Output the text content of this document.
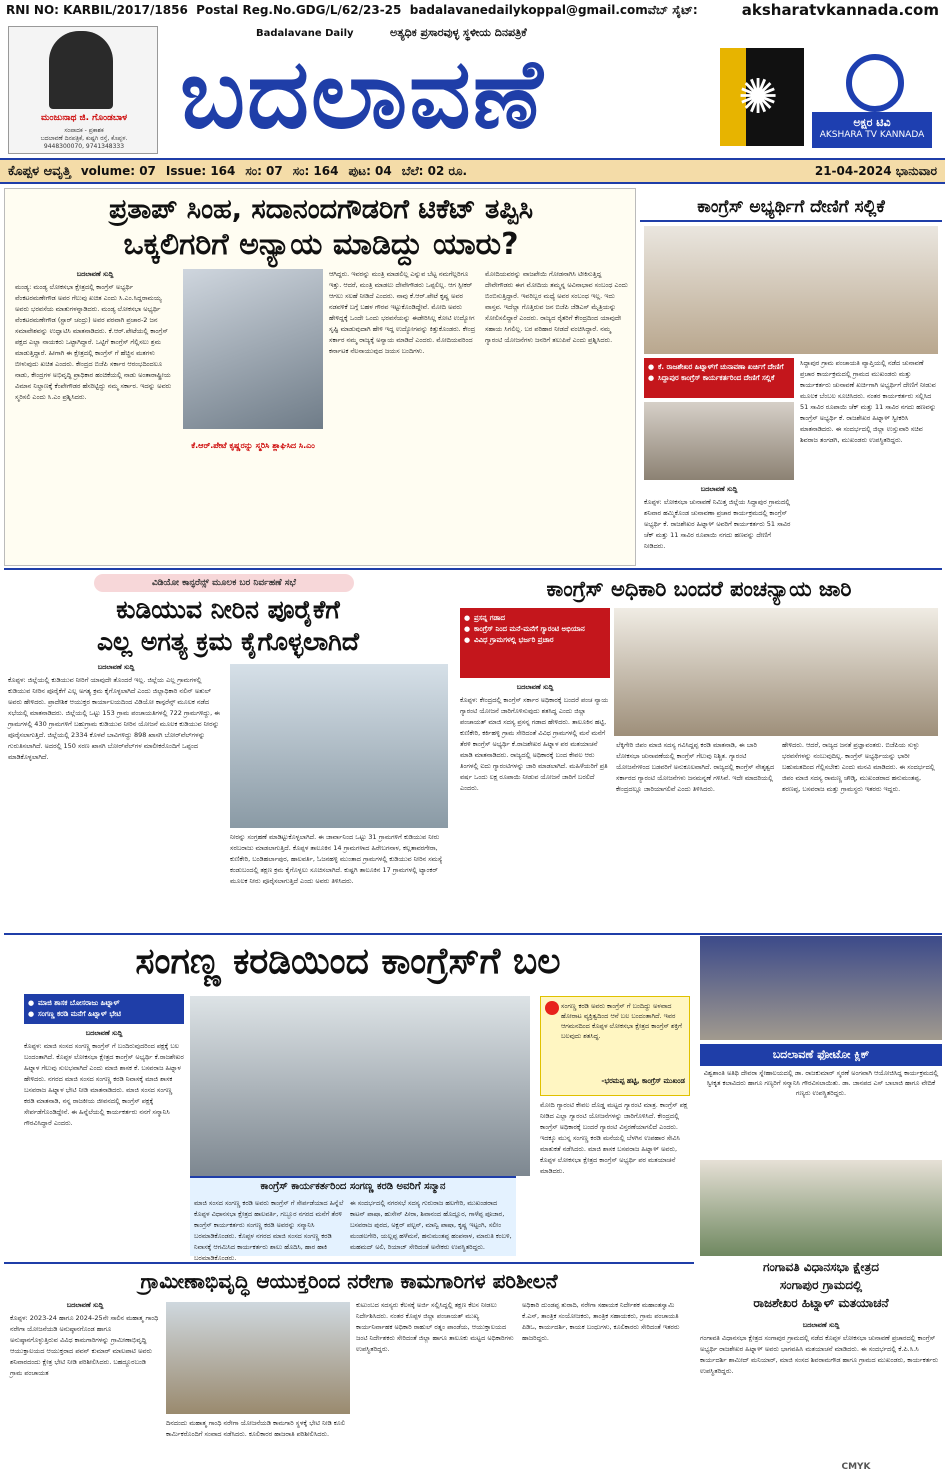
RNI NO: KARBIL/2017/1856
Postal Reg.No.GDG/L/62/23-25
badalavanedailykoppal@gmail.comವೆಬ್ ಸೈಟ್:	aksharatvkannada.com
ಮಂಜುನಾಥ ಜಿ. ಗೊಂಡಬಾಳ
ಸಂಪಾದಕ - ಪ್ರಕಾಶಕ
ಬದಲಾವಣೆ ದಿನಪತ್ರಿಕೆ, ಕುಷ್ಟಗಿ ರಸ್ತೆ, ಕೊಪ್ಪಳ.
9448300070, 9741348333
Badalavane Daily	ಅತ್ಯಧಿಕ ಪ್ರಸಾರವುಳ್ಳ ಸ್ಥಳೀಯ ದಿನಪತ್ರಿಕೆ
ಬದಲಾವಣೆ	✺	ಅಕ್ಷರ ಟಿವಿ
AKSHARA TV KANNADA
ಕೊಪ್ಪಳ ಆವೃತ್ತಿ volume: 07 Issue: 164 ಸಂ: 07 ಸಂ: 164 ಪುಟ: 04 ಬೆಲೆ: 02 ರೂ.	21-04-2024 ಭಾನುವಾರ
ಪ್ರತಾಪ್ ಸಿಂಹ, ಸದಾನಂದಗೌಡರಿಗೆ ಟಿಕೆಟ್ ತಪ್ಪಿಸಿ
ಒಕ್ಕಲಿಗರಿಗೆ ಅನ್ಯಾಯ ಮಾಡಿದ್ದು ಯಾರು?
ಬದಲಾವಣೆ ಸುದ್ದಿ
ಮಂಡ್ಯ: ಮಂಡ್ಯ ಲೋಕಸಭಾ ಕ್ಷೇತ್ರದಲ್ಲಿ ಕಾಂಗ್ರೆಸ್ ಅಭ್ಯರ್ಥಿ ವೆಂಕಟರಮಣೇಗೌಡ ಅವರ ಗೆಲುವು ಖಚಿತ ಎಂದು ಸಿ.ಎಂ.ಸಿದ್ದರಾಮಯ್ಯ ಅವರು ಭರವಸೆಯ ಮಾತುಗಳನ್ನಾಡಿದರು. ಮಂಡ್ಯ ಲೋಕಸಭಾ ಅಭ್ಯರ್ಥಿ ವೆಂಕಟರಮಣೇಗೌಡ (ಸ್ಟಾರ್ ಚಂದ್ರು) ಅವರ ಪರವಾಗಿ ಪ್ರಚಾರ-2 ಜನ ಸಮಾವೇಶವನ್ನು ಉದ್ಘಾಟಿಸಿ ಮಾತನಾಡಿದರು. ಕೆ.ಆರ್.ಪೇಟೆಯಲ್ಲಿ ಕಾಂಗ್ರೆಸ್ ಪಕ್ಷದ ಎಲ್ಲಾ ನಾಯಕರು ಒಟ್ಟಾಗಿದ್ದಾರೆ. ಒಟ್ಟಿಗೆ ಕಾಂಗ್ರೆಸ್ ಗೆಲ್ಲಿಸಲು ಶ್ರಮ ಮಾಡುತ್ತಿದ್ದಾರೆ. ಹೀಗಾಗಿ ಈ ಕ್ಷೇತ್ರದಲ್ಲಿ ಕಾಂಗ್ರೆಸ್ ಗೆ ಹೆಚ್ಚಿನ ಮತಗಳು ಬೀಳುವುದು ಖಚಿತ ಎಂದರು. ಕೇಂದ್ರದ ಬಿಜೆಪಿ ಸರ್ಕಾರ ಆರಂಭದಿಂದಲೂ ನಾಡು, ಕೇಂದ್ರಗಳ ಅಭಿವೃದ್ಧಿ ಪ್ರಾಧಿಕಾರ ಹಂಚಿಕೆಯಲ್ಲಿ ನಾಡು ಅಂತಾರಾಷ್ಟ್ರೀಯ ವಿಮಾನ ನಿಲ್ದಾಣಕ್ಕೆ ಕೆಂಪೇಗೌಡರ ಹೆಸರಿಟ್ಟಿದ್ದು ನಮ್ಮ ಸರ್ಕಾರ. ಇದನ್ನು ಅವರು ಸ್ಮರಿಸಲಿ ಎಂದು ಸಿ.ಎಂ ಪ್ರಶ್ನಿಸಿದರು.
ಕೆ.ಆರ್.ಪೇಟೆ ಕೃಷ್ಣರನ್ನು ಸ್ಮರಿಸಿ ಶ್ಲಾಘಿಸಿದ ಸಿ.ಎಂ
ಆಗಿದ್ದರು. ಇವರನ್ನು ಮಂತ್ರಿ ಮಾಡಲಿಲ್ಲ ಎನ್ನುವ ಬೆಟ್ಟ ನಮಗೆಲ್ಲರಿಗೂ ಇತ್ತು. ಆದರೆ, ಮಂತ್ರಿ ಮಾಡಲು ದೇವೇಗೌಡರು ಒಪ್ಪಲಿಲ್ಲ. ಆಗ ಸ್ಪೀಕರ್ ಆಗಲು ಸಲಹೆ ನೀಡಿದೆ ಎಂದರು. ನಾವು ಕೆ.ಆರ್.ಪೇಟೆ ಕೃಷ್ಣ ಅವರ ನಡವಳಿಕೆ ಬಗ್ಗೆ ಬಹಳ ಗೌರವ ಇಟ್ಟುಕೊಂಡಿದ್ದೇವೆ. ಮೋದಿ ಅವರು ಹೇಳಿದ್ದಕ್ಕೆ ಒಂದೇ ಒಂದು ಭರವಸೆಯನ್ನು ಈಡೇರಿಸಿಲ್ಲ ಕೋಟಿ ಉದ್ಯೋಗ ಸೃಷ್ಟಿ ಮಾಡುವುದಾಗಿ ಹೇಳಿ ಇದ್ದ ಉದ್ಯೋಗವನ್ನು ಕಿತ್ತುಕೊಂಡರು. ಕೇಂದ್ರ ಸರ್ಕಾರ ನಮ್ಮ ರಾಜ್ಯಕ್ಕೆ ಅನ್ಯಾಯ ಮಾಡಿದೆ ಎಂದರು. ಮೋದಿಯವರಿಂದ ಕರ್ನಾಟಕ ನೆಲನಾಯುವುದ ಜಯಸ ಬಂದಿಗಳು.
ಮೋದಿಯವರನ್ನು ವಾಜಪೇಯಿ ಗೋಡನಾಗಿಸಿ ಟೀಕಿಸುತ್ತಿದ್ದ ದೇವೇಗೌಡರು ಈಗ ಮೋದಿಯ ತಮ್ಮನ್ನ ಅವಿನಾಭಾವ ಸಂಬಂಧ ಎಂದು ಬಿಂಬಿಸುತ್ತಿದ್ದಾರೆ. ಇವರಿಬ್ಬರ ಮಧ್ಯೆ ಅವರ ಸಂಬಂಧ ಇಲ್ಲ. ಇದು ವಾಸ್ತವ. ಇದೆಲ್ಲಾ ಗೊತ್ತಿರುವ ಜನ ಬಿಜೆಪಿ ಜೆಡಿಎಸ್ ಮೈತ್ರಿಯನ್ನು ಸೋಲಿಸಲಿದ್ದಾರೆ ಎಂದರು. ರಾಜ್ಯದ ರೈತರಿಗೆ ಕೇಂದ್ರದಿಂದ ಯಾವುದೇ ಸಹಾಯ ಸಿಗಲಿಲ್ಲ. ಬರ ಪರಿಹಾರ ನೀಡದೆ ವಂಚಿಸಿದ್ದಾರೆ. ನಮ್ಮ ಗ್ಯಾರಂಟಿ ಯೋಜನೆಗಳು ಜನರಿಗೆ ತಲುಪಿವೆ ಎಂದು ಪ್ರಶ್ನಿಸಿದರು.
ಕಾಂಗ್ರೆಸ್ ಅಭ್ಯರ್ಥಿಗೆ ದೇಣಿಗೆ ಸಲ್ಲಿಕೆ
● ಕೆ. ರಾಜಶೇಖರ ಹಿಟ್ನಾಳ್‌ಗೆ ಚುನಾವಣಾ ಖರ್ಚಿಗೆ ದೇಣಿಗೆ
● ಸಿದ್ದಾಪುರ ಕಾಂಗ್ರೆಸ್ ಕಾರ್ಯಕರ್ತರಿಂದ ದೇಣಿಗೆ ಸಲ್ಲಿಕೆ
ಬದಲಾವಣೆ ಸುದ್ದಿ
ಕೊಪ್ಪಳ: ಲೋಕಸಭಾ ಚುನಾವಣೆ ನಿಮಿತ್ತ ಜಿಲ್ಲೆಯ ಸಿದ್ದಾಪುರ ಗ್ರಾಮದಲ್ಲಿ ಶನಿವಾರ ಹಮ್ಮಿಕೊಂಡ ಚುನಾವಣಾ ಪ್ರಚಾರ ಕಾರ್ಯಕ್ರಮದಲ್ಲಿ ಕಾಂಗ್ರೆಸ್ ಅಭ್ಯರ್ಥಿ ಕೆ. ರಾಜಶೇಖರ ಹಿಟ್ನಾಳ್ ಅವರಿಗೆ ಕಾರ್ಯಕರ್ತರು 51 ಸಾವಿರ ಚೆಕ್ ಮತ್ತು 11 ಸಾವಿರ ರೂಪಾಯಿ ನಗದು ಹಣವನ್ನು ದೇಣಿಗೆ ನೀಡಿದರು.
ಸಿದ್ದಾಪುರ ಗ್ರಾಮ ಪಂಚಾಯತಿ ವ್ಯಾಪ್ತಿಯಲ್ಲಿ ನಡೆದ ಚುನಾವಣೆ ಪ್ರಚಾರ ಕಾರ್ಯಕ್ರಮದಲ್ಲಿ ಗ್ರಾಮದ ಮುಖಂಡರು ಮತ್ತು ಕಾರ್ಯಕರ್ತರು ಚುನಾವಣೆ ಖರ್ಚಿಗಾಗಿ ಅಭ್ಯರ್ಥಿಗೆ ದೇಣಿಗೆ ನೀಡುವ ಮೂಲಕ ಬೆಂಬಲ ಸೂಚಿಸಿದರು. ನಂತರ ಕಾರ್ಯಕರ್ತರು ಸಲ್ಲಿಸಿದ 51 ಸಾವಿರ ರೂಪಾಯಿ ಚೆಕ್ ಮತ್ತು 11 ಸಾವಿರ ನಗದು ಹಣವನ್ನು ಕಾಂಗ್ರೆಸ್ ಅಭ್ಯರ್ಥಿ ಕೆ. ರಾಜಶೇಖರ ಹಿಟ್ನಾಳ್ ಸ್ವೀಕರಿಸಿ ಮಾತನಾಡಿದರು. ಈ ಸಂದರ್ಭದಲ್ಲಿ ಜಿಲ್ಲಾ ಉಸ್ತುವಾರಿ ಸಚಿವ ಶಿವರಾಜ ತಂಗಡಗಿ, ಮುಖಂಡರು ಉಪಸ್ಥಿತರಿದ್ದರು.
ವಿಡಿಯೋ ಕಾನ್ಫರೆನ್ಸ್ ಮೂಲಕ ಬರ ನಿರ್ವಹಣೆ ಸಭೆ
ಕುಡಿಯುವ ನೀರಿನ ಪೂರೈಕೆಗೆ
ಎಲ್ಲ ಅಗತ್ಯ ಕ್ರಮ ಕೈಗೊಳ್ಳಲಾಗಿದೆ
ಬದಲಾವಣೆ ಸುದ್ದಿ
ಕೊಪ್ಪಳ: ಜಿಲ್ಲೆಯಲ್ಲಿ ಕುಡಿಯುವ ನೀರಿಗೆ ಯಾವುದೇ ತೊಂದರೆ ಇಲ್ಲ. ಜಿಲ್ಲೆಯ ಎಲ್ಲ ಗ್ರಾಮಗಳಲ್ಲಿ ಕುಡಿಯುವ ನೀರಿನ ಪೂರೈಕೆಗೆ ಎಲ್ಲ ಅಗತ್ಯ ಕ್ರಮ ಕೈಗೊಳ್ಳಲಾಗಿದೆ ಎಂದು ಜಿಲ್ಲಾಧಿಕಾರಿ ನಲಿನ್ ಅತುಲ್ ಅವರು ಹೇಳಿದರು. ಪ್ರಾದೇಶಿಕ ಆಯುಕ್ತರ ಕಾರ್ಯಾಲಯದಿಂದ ವಿಡಿಯೋ ಕಾನ್ಫರೆನ್ಸ್ ಮೂಲಕ ನಡೆದ ಸಭೆಯಲ್ಲಿ ಮಾತನಾಡಿದರು. ಜಿಲ್ಲೆಯಲ್ಲಿ ಒಟ್ಟು 153 ಗ್ರಾಮ ಪಂಚಾಯತಿಗಳಲ್ಲಿ 722 ಗ್ರಾಮಗಳಿದ್ದು, ಈ ಗ್ರಾಮಗಳಲ್ಲಿ 430 ಗ್ರಾಮಗಳಿಗೆ ಬಹುಗ್ರಾಮ ಕುಡಿಯುವ ನೀರಿನ ಯೋಜನೆ ಮೂಲಕ ಕುಡಿಯುವ ನೀರನ್ನು ಪೂರೈಸಲಾಗುತ್ತಿದೆ. ಜಿಲ್ಲೆಯಲ್ಲಿ 2334 ಕೊಳವೆ ಬಾವಿಗಳಿದ್ದು 898 ಖಾಸಗಿ ಬೋರ್‌ವೆಲ್‌ಗಳನ್ನು ಗುರುತಿಸಲಾಗಿದೆ. ಅದರಲ್ಲಿ 150 ಸರಣ ಖಾಸಗಿ ಬೋರ್‌ವೆಲ್‌ಗಳ ಮಾಲೀಕರೊಂದಿಗೆ ಒಪ್ಪಂದ ಮಾಡಿಕೊಳ್ಳಲಾಗಿದೆ.
ನೀರನ್ನು ಸಂಗ್ರಹಣೆ ಮಾಡಿಟ್ಟುಕೊಳ್ಳಲಾಗಿದೆ. ಈ ಜಾರ್ವಾನಿಂದ ಒಟ್ಟು 31 ಗ್ರಾಮಗಳಿಗೆ ಕುಡಿಯುವ ನೀರು ಸರಬರಾಜು ಮಾಡಲಾಗುತ್ತಿದೆ. ಕೊಪ್ಪಳ ತಾಲೂಕಿನ 14 ಗ್ರಾಮಗಳಾದ ಹಿರೇಬಗನಾಳ, ಕಲ್ಲತಾವರಗೇರಾ, ಕುಣಿಕೇರಿ, ಬಂಡಿಹರ್ಲಾಪುರ, ಹಾಲವರ್ತಿ, ಓಜನಹಳ್ಳಿ ಮುಂತಾದ ಗ್ರಾಮಗಳಲ್ಲಿ ಕುಡಿಯುವ ನೀರಿನ ಸಮಸ್ಯೆ ಕಂಡುಬಂದಲ್ಲಿ ತಕ್ಷಣ ಕ್ರಮ ಕೈಗೊಳ್ಳಲು ಸೂಚಿಸಲಾಗಿದೆ. ಕುಷ್ಟಗಿ ತಾಲೂಕಿನ 17 ಗ್ರಾಮಗಳಲ್ಲಿ ಟ್ಯಾಂಕರ್ ಮೂಲಕ ನೀರು ಪೂರೈಸಲಾಗುತ್ತಿದೆ ಎಂದು ಅವರು ತಿಳಿಸಿದರು.
ಕಾಂಗ್ರೆಸ್ ಅಧಿಕಾರಿ ಬಂದರೆ ಪಂಚನ್ಯಾಯ ಜಾರಿ
● ಪ್ರಸನ್ನ ಗಡಾದ
● ಕಾಂಗ್ರೆಸ್ ನಿಂದ ಮನೆ-ಮನೆಗೆ ಗ್ಯಾರಂಟಿ ಅಭಿಯಾನ
● ವಿವಿಧ ಗ್ರಾಮಗಳಲ್ಲಿ ಭರ್ಜರಿ ಪ್ರಚಾರ
ಬದಲಾವಣೆ ಸುದ್ದಿ
ಕೊಪ್ಪಳ: ಕೇಂದ್ರದಲ್ಲಿ ಕಾಂಗ್ರೆಸ್ ಸರ್ಕಾರ ಅಧಿಕಾರಕ್ಕೆ ಬಂದರೆ ಪಂಚ ನ್ಯಾಯ ಗ್ಯಾರಂಟಿ ಯೋಜನೆ ಜಾರಿಗೊಳಿಸುವುದು ಶತಸಿದ್ಧ ಎಂದು ಜಿಲ್ಲಾ ಪಂಚಾಯತ್ ಮಾಜಿ ಸದಸ್ಯ ಪ್ರಸನ್ನ ಗಡಾದ ಹೇಳಿದರು. ತಾಲೂಕಿನ ಹಟ್ಟಿ, ಕುಣಿಕೇರಿ, ಕರ್ಕಿಹಳ್ಳಿ ಗ್ರಾಮ ಸೇರಿದಂತೆ ವಿವಿಧ ಗ್ರಾಮಗಳಲ್ಲಿ ಮನೆ ಮನೆಗೆ ತೆರಳಿ ಕಾಂಗ್ರೆಸ್ ಅಭ್ಯರ್ಥಿ ಕೆ.ರಾಜಶೇಖರ ಹಿಟ್ನಾಳ ಪರ ಮತಯಾಚನೆ ಮಾಡಿ ಮಾತನಾಡಿದರು. ರಾಜ್ಯದಲ್ಲಿ ಅಧಿಕಾರಕ್ಕೆ ಬಂದ ಕೇವಲ ಆರು ತಿಂಗಳಲ್ಲಿ ಐದು ಗ್ಯಾರಂಟಿಗಳನ್ನು ಜಾರಿ ಮಾಡಲಾಗಿದೆ. ಮಹಿಳೆಯರಿಗೆ ಪ್ರತಿ ವರ್ಷ ಒಂದು ಲಕ್ಷ ರೂಪಾಯಿ ನೀಡುವ ಯೋಜನೆ ಜಾರಿಗೆ ಬರಲಿದೆ ಎಂದರು.
ಲೆಕ್ಕಿಗೇರಿ ಜಿಪಂ ಮಾಜಿ ಸದಸ್ಯ ಗವಿಸಿದ್ದಪ್ಪ ಕರಡಿ ಮಾತನಾಡಿ, ಈ ಬಾರಿ ಲೋಕಸಭಾ ಚುನಾವಣೆಯಲ್ಲಿ ಕಾಂಗ್ರೆಸ್ ಗೆಲುವು ನಿಶ್ಚಿತ. ಗ್ಯಾರಂಟಿ ಯೋಜನೆಗಳಿಂದ ಬಡವರಿಗೆ ಅನುಕೂಲವಾಗಿದೆ. ರಾಜ್ಯದಲ್ಲಿ ಕಾಂಗ್ರೆಸ್ ನೇತೃತ್ವದ ಸರ್ಕಾರದ ಗ್ಯಾರಂಟಿ ಯೋಜನೆಗಳು ಜನಮನ್ನಣೆ ಗಳಿಸಿವೆ. ಇದೇ ಮಾದರಿಯಲ್ಲಿ ಕೇಂದ್ರದಲ್ಲೂ ಜಾರಿಯಾಗಲಿವೆ ಎಂದು ತಿಳಿಸಿದರು.
ಹೇಳಿದರು. ಆದರೆ, ರಾಜ್ಯದ ಜನತೆ ಪ್ರಜ್ಞಾವಂತರು. ಬಿಜೆಪಿಯ ಸುಳ್ಳು ಭರವಸೆಗಳನ್ನು ನಂಬುವುದಿಲ್ಲ. ಕಾಂಗ್ರೆಸ್ ಅಭ್ಯರ್ಥಿಯನ್ನು ಭಾರೀ ಬಹುಮತದಿಂದ ಗೆಲ್ಲಿಸಬೇಕು ಎಂದು ಮನವಿ ಮಾಡಿದರು. ಈ ಸಂದರ್ಭದಲ್ಲಿ ಜಿಪಂ ಮಾಜಿ ಸದಸ್ಯ ರಾಮಣ್ಣ ಚೌಡ್ಕಿ, ಮುಖಂಡರಾದ ಹನುಮಂತಪ್ಪ, ಶರಣಪ್ಪ, ಬಸವರಾಜ ಮತ್ತು ಗ್ರಾಮಸ್ಥರು ಇತರರು ಇದ್ದರು.
ಸಂಗಣ್ಣ ಕರಡಿಯಿಂದ ಕಾಂಗ್ರೆಸ್‌ಗೆ ಬಲ
● ಮಾಜಿ ಶಾಸಕ ಬೋಸರಾಜು ಹಿಟ್ನಾಳ್
● ಸಂಗಣ್ಣ ಕರಡಿ ಮನೆಗೆ ಹಿಟ್ನಾಳ್ ಭೇಟಿ
ಬದಲಾವಣೆ ಸುದ್ದಿ
ಕೊಪ್ಪಳ: ಮಾಜಿ ಸಂಸದ ಸಂಗಣ್ಣ ಕಾಂಗ್ರೆಸ್ ಗೆ ಬಂದಿರುವುದರಿಂದ ಪಕ್ಷಕ್ಕೆ ಬಲ ಬಂದಂತಾಗಿದೆ. ಕೊಪ್ಪಳ ಲೋಕಸಭಾ ಕ್ಷೇತ್ರದ ಕಾಂಗ್ರೆಸ್ ಅಭ್ಯರ್ಥಿ ಕೆ.ರಾಜಶೇಖರ ಹಿಟ್ನಾಳ ಗೆಲುವು ಸುಲಭವಾಗಿದೆ ಎಂದು ಮಾಜಿ ಶಾಸಕ ಕೆ. ಬಸವರಾಜ ಹಿಟ್ನಾಳ ಹೇಳಿದರು. ನಗರದ ಮಾಜಿ ಸಂಸದ ಸಂಗಣ್ಣ ಕರಡಿ ನಿವಾಸಕ್ಕೆ ಮಾಜಿ ಶಾಸಕ ಬಸವರಾಜ ಹಿಟ್ನಾಳ ಭೇಟಿ ನೀಡಿ ಮಾತನಾಡಿದರು. ಮಾಜಿ ಸಂಸದ ಸಂಗಣ್ಣ ಕರಡಿ ಮಾತನಾಡಿ, ನನ್ನ ರಾಜಕೀಯ ಜೀವನದಲ್ಲಿ ಕಾಂಗ್ರೆಸ್ ಪಕ್ಷಕ್ಕೆ ಸೇರ್ಪಡೆಗೊಂಡಿದ್ದೇನೆ. ಈ ಹಿನ್ನೆಲೆಯಲ್ಲಿ ಕಾರ್ಯಕರ್ತರು ನನಗೆ ಸನ್ಮಾನಿಸಿ ಗೌರವಿಸಿದ್ದಾರೆ ಎಂದರು.
ಕಾಂಗ್ರೆಸ್ ಕಾರ್ಯಕರ್ತರಿಂದ ಸಂಗಣ್ಣ ಕರಡಿ ಅವರಿಗೆ ಸನ್ಮಾನ
ಮಾಜಿ ಸಂಸದ ಸಂಗಣ್ಣ ಕರಡಿ ಅವರು ಕಾಂಗ್ರೆಸ್ ಗೆ ಸೇರ್ಪಡೆಯಾದ ಹಿನ್ನೆಲೆ ಕೊಪ್ಪಳ ವಿಧಾನಸಭಾ ಕ್ಷೇತ್ರದ ಹಾಲವರ್ತಿ, ಗಬ್ಬೂರ ನಗರದ ಮನೆಗೆ ತೆರಳಿ ಕಾಂಗ್ರೆಸ್ ಕಾರ್ಯಕರ್ತರು ಸಂಗಣ್ಣ ಕರಡಿ ಅವರನ್ನು ಸನ್ಮಾನಿಸಿ ಬರಮಾಡಿಕೊಂಡರು. ಕೊಪ್ಪಳ ನಗರದ ಮಾಜಿ ಸಂಸದ ಸಂಗಣ್ಣ ಕರಡಿ ನಿವಾಸಕ್ಕೆ ಆಗಮಿಸಿದ ಕಾರ್ಯಕರ್ತರು ಶಾಲು ಹೊದಿಸಿ, ಹಾರ ಹಾಕಿ ಬರಮಾಡಿಕೊಂಡರು.
ಈ ಸಂದರ್ಭದಲ್ಲಿ ನಗರಸಭೆ ಸದಸ್ಯ ಗುರುರಾಜ ಹಲಗೇರಿ, ಮುಖಂಡರಾದ ಕಾಟನ್ ಪಾಷಾ, ಹುಸೇನ್ ಪೀರಾ, ಶಿವಾನಂದ ಹೊದ್ಲೂರ, ಗಾಳೆಪ್ಪ ಪೂಜಾರ, ಬಸವರಾಜ ಪುರದ, ಅಕ್ಬರ್ ಪಲ್ಟನ್, ಮಾನ್ವಿ ಪಾಷಾ, ಕೃಷ್ಣ ಇಟ್ಟಂಗಿ, ಸಲೀಂ ಮಂಡಲಗೇರಿ, ಯಲ್ಲಪ್ಪ ಹಳೆಮನೆ, ಹನುಮಂತಪ್ಪ ಹಂಪನಾಳ, ಮಾರುತಿ ಕಂಬಳಿ, ಮಹಮದ್ ಅಲಿ, ರಿಯಾಜ್ ಸೇರಿದಂತೆ ಅನೇಕರು ಉಪಸ್ಥಿತರಿದ್ದರು.
ಸಂಗಣ್ಣ ಕರಡಿ ಅವರು ಕಾಂಗ್ರೆಸ್ ಗೆ ಬಂದಿದ್ದು ಅಳವಾದ ಹೋರಾಟ ವ್ಯಕ್ತಿತ್ವದಿಂದ ಆನೆ ಬಲ ಬಂದಂತಾಗಿದೆ. ಇವರ ಆಗಮನದಿಂದ ಕೊಪ್ಪಳ ಲೋಕಸಭಾ ಕ್ಷೇತ್ರದ ಕಾಂಗ್ರೆಸ್ ಶಕ್ತಿಗೆ ಬಲವುದು ಶತಸಿದ್ಧ.
-ಭರಮಪ್ಪ ಹಟ್ಟಿ, ಕಾಂಗ್ರೆಸ್ ಮುಖಂಡ
ಮೋದಿ ಗ್ಯಾರಂಟಿ ಕೇವಲ ದೊಡ್ಡ ಮಟ್ಟದ ಗ್ಯಾರಂಟಿ ಮಾತ್ರ. ಕಾಂಗ್ರೆಸ್ ಪಕ್ಷ ನೀಡಿದ ಎಲ್ಲಾ ಗ್ಯಾರಂಟಿ ಯೋಜನೆಗಳನ್ನು ಜಾರಿಗೊಳಿಸಿದೆ. ಕೇಂದ್ರದಲ್ಲಿ ಕಾಂಗ್ರೆಸ್ ಅಧಿಕಾರಕ್ಕೆ ಬಂದರೆ ಗ್ಯಾರಂಟಿ ವಿಸ್ತರಣೆಯಾಗಲಿದೆ ಎಂದರು. ಇದಕ್ಕೂ ಮುನ್ನ ಸಂಗಣ್ಣ ಕರಡಿ ಮನೆಯಲ್ಲಿ ಬೆಳಗಿನ ಉಪಹಾರ ಸೇವಿಸಿ ಮಾತುಕತೆ ನಡೆಸಿದರು. ಮಾಜಿ ಶಾಸಕ ಬಸವರಾಜ ಹಿಟ್ನಾಳ್ ಅವರು, ಕೊಪ್ಪಳ ಲೋಕಸಭಾ ಕ್ಷೇತ್ರದ ಕಾಂಗ್ರೆಸ್ ಅಭ್ಯರ್ಥಿ ಪರ ಮತಯಾಚನೆ ಮಾಡಿದರು.
ಬದಲಾವಣೆ ಫೋಟೋ ಕ್ಲಿಕ್
ವಿಶ್ವಶಾಂತಿ ಅತಿಥಿ ದೇವರಾ ಸ್ನೇಹಾಲಯದಲ್ಲಿ ಡಾ. ರಾಜಕುಮಾರ್ ಸ್ಮರಣೆ ಅಂಗವಾಗಿ ಆಯೋಜಿಸಿದ್ದ ಕಾರ್ಯಕ್ರಮದಲ್ಲಿ ಸ್ವೀಕೃತ ಕಲಾವಿದರು ಹಾಗೂ ಗಣ್ಯರಿಗೆ ಸನ್ಮಾನಿಸಿ ಗೌರವಿಸಲಾಯಿತು. ಡಾ. ಜಾನಪದ ಎಸ್ ಬಾಲಾಜಿ ಹಾಗೂ ವೇದಿಕೆ ಗಣ್ಯರು ಉಪಸ್ಥಿತರಿದ್ದರು.
ಗಂಗಾವತಿ ವಿಧಾನಸಭಾ ಕ್ಷೇತ್ರದ
ಸಂಗಾಪುರ ಗ್ರಾಮದಲ್ಲಿ
ರಾಜಶೇಖರ ಹಿಟ್ನಾಳ್ ಮತಯಾಚನೆ
ಬದಲಾವಣೆ ಸುದ್ದಿ
ಗಂಗಾವತಿ ವಿಧಾನಸಭಾ ಕ್ಷೇತ್ರದ ಸಂಗಾಪುರ ಗ್ರಾಮದಲ್ಲಿ ನಡೆದ ಕೊಪ್ಪಳ ಲೋಕಸಭಾ ಚುನಾವಣೆ ಪ್ರಚಾರದಲ್ಲಿ ಕಾಂಗ್ರೆಸ್ ಅಭ್ಯರ್ಥಿ ರಾಜಶೇಖರ ಹಿಟ್ನಾಳ್ ಅವರು ಭಾಗವಹಿಸಿ ಮತಯಾಚನೆ ಮಾಡಿದರು. ಈ ಸಂದರ್ಭದಲ್ಲಿ ಕೆ.ಪಿ.ಸಿ.ಸಿ ಕಾರ್ಯದರ್ಶಿ ಶಾಮೀದ್ ಮನಿಯಾರ್, ಮಾಜಿ ಸಂಸದ ಶಿವರಾಮಗೌಡ ಹಾಗೂ ಗ್ರಾಮದ ಮುಖಂಡರು, ಕಾರ್ಯಕರ್ತರು ಉಪಸ್ಥಿತರಿದ್ದರು.
ಗ್ರಾಮೀಣಾಭಿವೃದ್ಧಿ ಆಯುಕ್ತರಿಂದ ನರೇಗಾ ಕಾಮಗಾರಿಗಳ ಪರಿಶೀಲನೆ
ಬದಲಾವಣೆ ಸುದ್ದಿ
ಕೊಪ್ಪಳ: 2023-24 ಹಾಗೂ 2024-25ನೇ ಸಾಲಿನ ಮಹಾತ್ಮ ಗಾಂಧಿ ನರೇಗಾ ಯೋಜನೆಯಡಿ ಅನುಷ್ಠಾನಗೊಂಡ ಹಾಗೂ ಅನುಷ್ಠಾನಗೊಳ್ಳುತ್ತಿರುವ ವಿವಿಧ ಕಾಮಗಾರಿಗಳನ್ನು ಗ್ರಾಮೀಣಾಭಿವೃದ್ಧಿ ಆಯುಕ್ತಾಲಯದ ಆಯುಕ್ತರಾದ ಪವನ್ ಕುಮಾರ್ ಮಾಲಪಾಟಿ ಅವರು ಶನಿವಾರದಂದು ಕ್ಷೇತ್ರ ಭೇಟಿ ನೀಡಿ ಪರಿಶೀಲಿಸಿದರು. ಬಹದ್ದೂರಬಂಡಿ ಗ್ರಾಮ ಪಂಚಾಯತ
ದಿನದಂದು ಮಹಾತ್ಮ ಗಾಂಧಿ ನರೇಗಾ ಯೋಜನೆಯಡಿ ಕಾಮಗಾರಿ ಸ್ಥಳಕ್ಕೆ ಭೇಟಿ ನೀಡಿ ಕೂಲಿ ಕಾರ್ಮಿಕರೊಂದಿಗೆ ಸಂವಾದ ನಡೆಸಿದರು. ಕೂಲಿಕಾರರ ಹಾಜರಾತಿ ಪರಿಶೀಲಿಸಿದರು.
ಕುಟುಂಬದ ಸದಸ್ಯರು ಕೆಲಸಕ್ಕೆ ಅರ್ಜಿ ಸಲ್ಲಿಸಿದ್ದಲ್ಲಿ ತಕ್ಷಣ ಕೆಲಸ ನೀಡಲು ನಿರ್ದೇಶಿಸಿದರು. ನಂತರ ಕೊಪ್ಪಳ ಜಿಲ್ಲಾ ಪಂಚಾಯತ್ ಮುಖ್ಯ ಕಾರ್ಯನಿರ್ವಾಹಕ ಅಧಿಕಾರಿ ರಾಹುಲ್ ರತ್ನಂ ಪಾಂಡೆಯ, ಆಯುಕ್ತಾಲಯದ ಜಂಟಿ ನಿರ್ದೇಶಕರು ಸೇರಿದಂತೆ ಜಿಲ್ಲಾ ಹಾಗೂ ತಾಲೂಕು ಮಟ್ಟದ ಅಧಿಕಾರಿಗಳು ಉಪಸ್ಥಿತರಿದ್ದರು.
ಅಧಿಕಾರಿ ದುಂಡಪ್ಪ ತುರಾದಿ, ನರೇಗಾ ಸಹಾಯಕ ನಿರ್ದೇಶಕ ಮಹಾಂತಸ್ವಾಮಿ ಕೆ.ಎಸ್, ತಾಂತ್ರಿಕ ಸಂಯೋಜಕರು, ತಾಂತ್ರಿಕ ಸಹಾಯಕರು, ಗ್ರಾಮ ಪಂಚಾಯತಿ ಪಿಡಿಒ, ಕಾರ್ಯದರ್ಶಿ, ಕಾಯಕ ಬಂಧುಗಳು, ಕೂಲಿಕಾರರು ಸೇರಿದಂತೆ ಇತರರು ಹಾಜರಿದ್ದರು.
CMYK
